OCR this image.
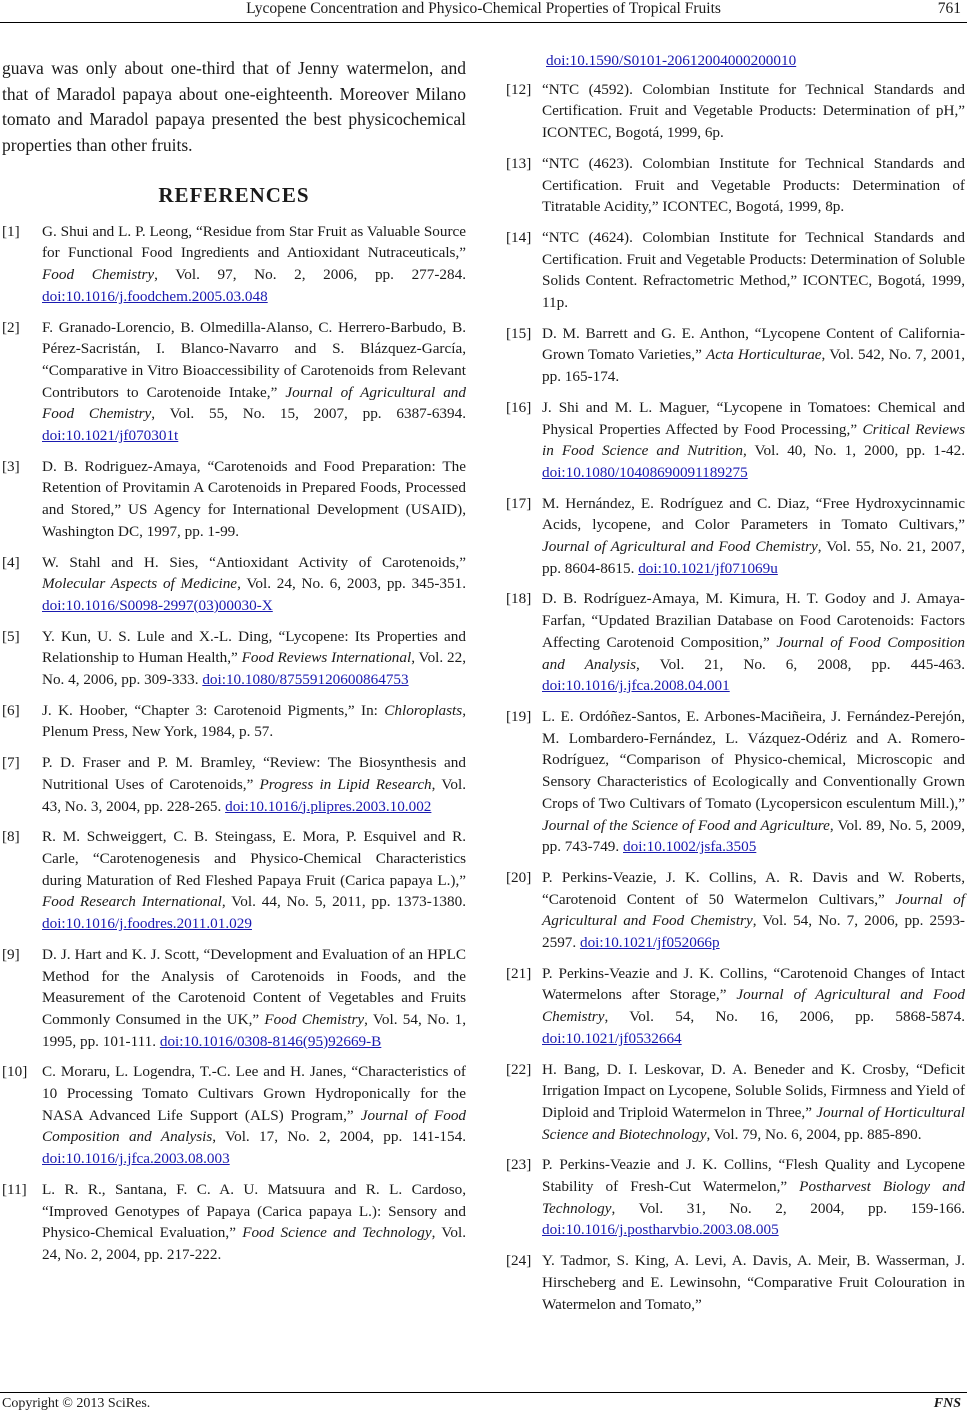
Lycopene Concentration and Physico-Chemical Properties of Tropical Fruits	761

guava was only about one-third that of Jenny watermelon, and that of Maradol papaya about one-eighteenth. Moreover Milano tomato and Maradol papaya presented the best physicochemical properties than other fruits.

REFERENCES
[1]	G. Shui and L. P. Leong, “Residue from Star Fruit as Valuable Source for Functional Food Ingredients and Antioxidant Nutraceuticals,” Food Chemistry, Vol. 97, No. 2, 2006, pp. 277-284. doi:10.1016/j.foodchem.2005.03.048
[2]	F. Granado-Lorencio, B. Olmedilla-Alanso, C. Herrero-Barbudo, B. Pérez-Sacristán, I. Blanco-Navarro and S. Blázquez-García, “Comparative in Vitro Bioaccessibility of Carotenoids from Relevant Contributors to Carotenoide Intake,” Journal of Agricultural and Food Chemistry, Vol. 55, No. 15, 2007, pp. 6387-6394. doi:10.1021/jf070301t
[3]	D. B. Rodriguez-Amaya, “Carotenoids and Food Preparation: The Retention of Provitamin A Carotenoids in Prepared Foods, Processed and Stored,” US Agency for International Development (USAID), Washington DC, 1997, pp. 1-99.
[4]	W. Stahl and H. Sies, “Antioxidant Activity of Carotenoids,” Molecular Aspects of Medicine, Vol. 24, No. 6, 2003, pp. 345-351. doi:10.1016/S0098-2997(03)00030-X
[5]	Y. Kun, U. S. Lule and X.-L. Ding, “Lycopene: Its Properties and Relationship to Human Health,” Food Reviews International, Vol. 22, No. 4, 2006, pp. 309-333. doi:10.1080/87559120600864753
[6]	J. K. Hoober, “Chapter 3: Carotenoid Pigments,” In: Chloroplasts, Plenum Press, New York, 1984, p. 57.
[7]	P. D. Fraser and P. M. Bramley, “Review: The Biosynthesis and Nutritional Uses of Carotenoids,” Progress in Lipid Research, Vol. 43, No. 3, 2004, pp. 228-265. doi:10.1016/j.plipres.2003.10.002
[8]	R. M. Schweiggert, C. B. Steingass, E. Mora, P. Esquivel and R. Carle, “Carotenogenesis and Physico-Chemical Characteristics during Maturation of Red Fleshed Papaya Fruit (Carica papaya L.),” Food Research International, Vol. 44, No. 5, 2011, pp. 1373-1380. doi:10.1016/j.foodres.2011.01.029
[9]	D. J. Hart and K. J. Scott, “Development and Evaluation of an HPLC Method for the Analysis of Carotenoids in Foods, and the Measurement of the Carotenoid Content of Vegetables and Fruits Commonly Consumed in the UK,” Food Chemistry, Vol. 54, No. 1, 1995, pp. 101-111. doi:10.1016/0308-8146(95)92669-B
[10] C. Moraru, L. Logendra, T.-C. Lee and H. Janes, “Characteristics of 10 Processing Tomato Cultivars Grown Hydroponically for the NASA Advanced Life Support (ALS) Program,” Journal of Food Composition and Analysis, Vol. 17, No. 2, 2004, pp. 141-154. doi:10.1016/j.jfca.2003.08.003
[11]	L. R. R., Santana, F. C. A. U. Matsuura and R. L. Cardoso, “Improved Genotypes of Papaya (Carica papaya L.): Sensory and Physico-Chemical Evaluation,” Food Science and Technology, Vol. 24, No. 2, 2004, pp. 217-222.
doi:10.1590/S0101-20612004000200010
[12] “NTC (4592). Colombian Institute for Technical Standards and Certification. Fruit and Vegetable Products: Determination of pH,” ICONTEC, Bogotá, 1999, 6p.
[13] “NTC (4623). Colombian Institute for Technical Standards and Certification. Fruit and Vegetable Products: Determination of Titratable Acidity,” ICONTEC, Bogotá, 1999, 8p.
[14] “NTC (4624). Colombian Institute for Technical Standards and Certification. Fruit and Vegetable Products: Determination of Soluble Solids Content. Refractometric Method,” ICONTEC, Bogotá, 1999, 11p.
[15] D. M. Barrett and G. E. Anthon, “Lycopene Content of California-Grown Tomato Varieties,” Acta Horticulturae, Vol. 542, No. 7, 2001, pp. 165-174.
[16] J. Shi and M. L. Maguer, “Lycopene in Tomatoes: Chemical and Physical Properties Affected by Food Processing,” Critical Reviews in Food Science and Nutrition, Vol. 40, No. 1, 2000, pp. 1-42. doi:10.1080/10408690091189275
[17] M. Hernández, E. Rodríguez and C. Diaz, “Free Hydroxycinnamic Acids, lycopene, and Color Parameters in Tomato Cultivars,” Journal of Agricultural and Food Chemistry, Vol. 55, No. 21, 2007, pp. 8604-8615. doi:10.1021/jf071069u
[18] D. B. Rodríguez-Amaya, M. Kimura, H. T. Godoy and J. Amaya-Farfan, “Updated Brazilian Database on Food Carotenoids: Factors Affecting Carotenoid Composition,” Journal of Food Composition and Analysis, Vol. 21, No. 6, 2008, pp. 445-463. doi:10.1016/j.jfca.2008.04.001
[19] L. E. Ordóñez-Santos, E. Arbones-Maciñeira, J. Fernández-Perejón, M. Lombardero-Fernández, L. Vázquez-Odériz and A. Romero-Rodríguez, “Comparison of Physico-chemical, Microscopic and Sensory Characteristics of Ecologically and Conventionally Grown Crops of Two Cultivars of Tomato (Lycopersicon esculentum Mill.),” Journal of the Science of Food and Agriculture, Vol. 89, No. 5, 2009, pp. 743-749. doi:10.1002/jsfa.3505
[20] P. Perkins-Veazie, J. K. Collins, A. R. Davis and W. Roberts, “Carotenoid Content of 50 Watermelon Cultivars,” Journal of Agricultural and Food Chemistry, Vol. 54, No. 7, 2006, pp. 2593-2597. doi:10.1021/jf052066p
[21] P. Perkins-Veazie and J. K. Collins, “Carotenoid Changes of Intact Watermelons after Storage,” Journal of Agricultural and Food Chemistry, Vol. 54, No. 16, 2006, pp. 5868-5874. doi:10.1021/jf0532664
[22] H. Bang, D. I. Leskovar, D. A. Beneder and K. Crosby, “Deficit Irrigation Impact on Lycopene, Soluble Solids, Firmness and Yield of Diploid and Triploid Watermelon in Three,” Journal of Horticultural Science and Biotechnology, Vol. 79, No. 6, 2004, pp. 885-890.
[23] P. Perkins-Veazie and J. K. Collins, “Flesh Quality and Lycopene Stability of Fresh-Cut Watermelon,” Postharvest Biology and Technology, Vol. 31, No. 2, 2004, pp. 159-166. doi:10.1016/j.postharvbio.2003.08.005
[24] Y. Tadmor, S. King, A. Levi, A. Davis, A. Meir, B. Wasserman, J. Hirscheberg and E. Lewinsohn, “Comparative Fruit Colouration in Watermelon and Tomato,”
Copyright © 2013 SciRes.	FNS
